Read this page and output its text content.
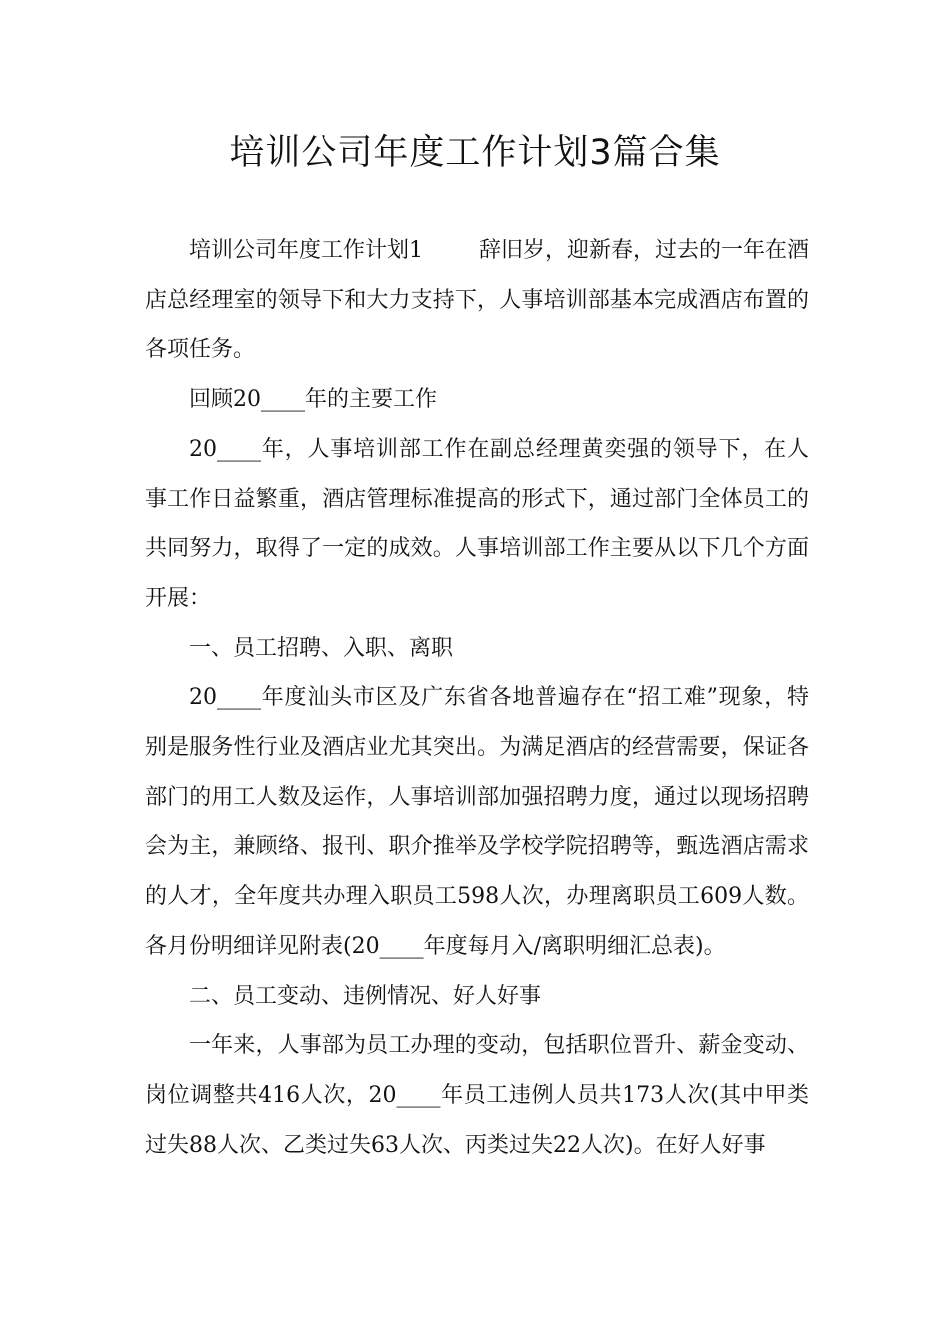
培训公司年度工作计划3篇合集

培训公司年度工作计划1	辞旧岁，迎新春，过去的一年在酒店总经理室的领导下和大力支持下，人事培训部基本完成酒店布置的各项任务。

回顾20____年的主要工作

20____年，人事培训部工作在副总经理黄奕强的领导下，在人事工作日益繁重，酒店管理标准提高的形式下，通过部门全体员工的共同努力，取得了一定的成效。人事培训部工作主要从以下几个方面开展：

一、员工招聘、入职、离职

20____年度汕头市区及广东省各地普遍存在“招工难”现象，特别是服务性行业及酒店业尤其突出。为满足酒店的经营需要，保证各部门的用工人数及运作，人事培训部加强招聘力度，通过以现场招聘会为主，兼顾络、报刊、职介推举及学校学院招聘等，甄选酒店需求的人才，全年度共办理入职员工598人次，办理离职员工609人数。各月份明细详见附表(20____年度每月入/离职明细汇总表)。

二、员工变动、违例情况、好人好事

一年来，人事部为员工办理的变动，包括职位晋升、薪金变动、岗位调整共416人次，20____年员工违例人员共173人次(其中甲类过失88人次、乙类过失63人次、丙类过失22人次)。在好人好事
